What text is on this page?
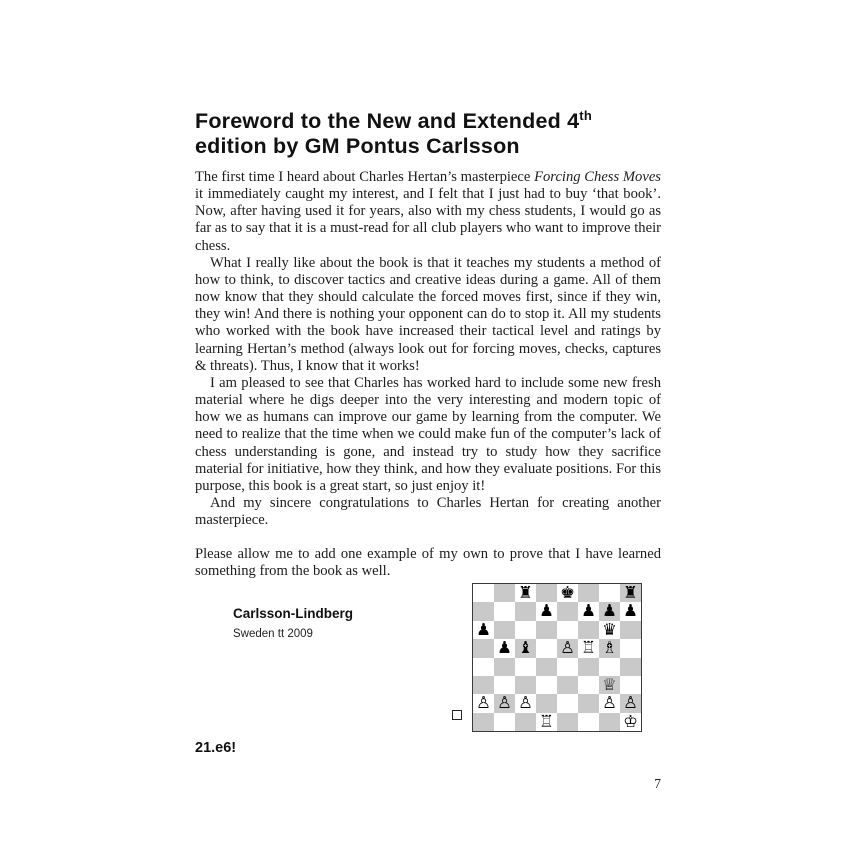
Foreword to the New and Extended 4th
edition by GM Pontus Carlsson

The first time I heard about Charles Hertan’s masterpiece Forcing Chess Moves it immediately caught my interest, and I felt that I just had to buy ‘that book’. Now, after having used it for years, also with my chess students, I would go as far as to say that it is a must-read for all club players who want to improve their chess.

What I really like about the book is that it teaches my students a method of how to think, to discover tactics and creative ideas during a game. All of them now know that they should calculate the forced moves first, since if they win, they win! And there is nothing your opponent can do to stop it. All my students who worked with the book have increased their tactical level and ratings by learning Hertan’s method (always look out for forcing moves, checks, captures & threats). Thus, I know that it works!

I am pleased to see that Charles has worked hard to include some new fresh material where he digs deeper into the very interesting and modern topic of how we as humans can improve our game by learning from the computer. We need to realize that the time when we could make fun of the computer’s lack of chess understanding is gone, and instead try to study how they sacrifice material for initiative, how they think, and how they evaluate positions. For this purpose, this book is a great start, so just enjoy it!

And my sincere congratulations to Charles Hertan for creating another masterpiece.

Please allow me to add one example of my own to prove that I have learned something from the book as well.

Carlsson-Lindberg
Sweden tt 2009
♜ ♚	♜
♟ ♟ ♟ ♟
♟	♛
♟ ♝ ♙ ♖ ♗
♕
♙ ♙ ♙	♙ ♙
♖	♔
21.e6!
7
